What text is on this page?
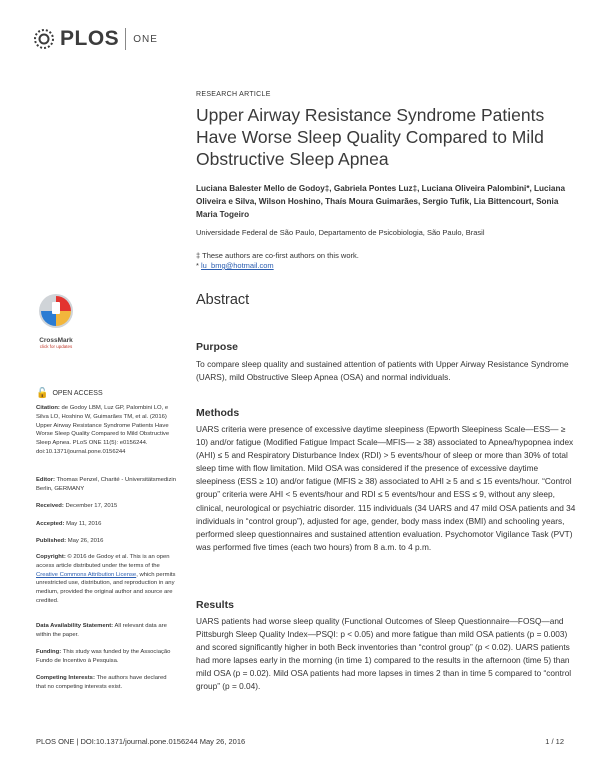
PLOS ONE
RESEARCH ARTICLE
Upper Airway Resistance Syndrome Patients Have Worse Sleep Quality Compared to Mild Obstructive Sleep Apnea
Luciana Balester Mello de Godoy‡, Gabriela Pontes Luz‡, Luciana Oliveira Palombini*, Luciana Oliveira e Silva, Wilson Hoshino, Thaís Moura Guimarães, Sergio Tufik, Lia Bittencourt, Sonia Maria Togeiro
Universidade Federal de São Paulo, Departamento de Psicobiologia, São Paulo, Brasil
‡ These authors are co-first authors on this work.
* lu_bmg@hotmail.com
Abstract
Purpose

To compare sleep quality and sustained attention of patients with Upper Airway Resistance Syndrome (UARS), mild Obstructive Sleep Apnea (OSA) and normal individuals.

Methods

UARS criteria were presence of excessive daytime sleepiness (Epworth Sleepiness Scale—ESS— ≥ 10) and/or fatigue (Modified Fatigue Impact Scale—MFIS— ≥ 38) associated to Apnea/hypopnea index (AHI) ≤ 5 and Respiratory Disturbance Index (RDI) > 5 events/hour of sleep or more than 30% of total sleep time with flow limitation. Mild OSA was considered if the presence of excessive daytime sleepiness (ESS ≥ 10) and/or fatigue (MFIS ≥ 38) associated to AHI ≥ 5 and ≤ 15 events/hour. “Control group” criteria were AHI < 5 events/hour and RDI ≤ 5 events/hour and ESS ≤ 9, without any sleep, clinical, neurological or psychiatric disorder. 115 individuals (34 UARS and 47 mild OSA patients and 34 individuals in “control group”), adjusted for age, gender, body mass index (BMI) and schooling years, performed sleep questionnaires and sustained attention evaluation. Psychomotor Vigilance Task (PVT) was performed five times (each two hours) from 8 a.m. to 4 p.m.

Results

UARS patients had worse sleep quality (Functional Outcomes of Sleep Questionnaire—FOSQ—and Pittsburgh Sleep Quality Index—PSQI: p < 0.05) and more fatigue than mild OSA patients (p = 0.003) and scored significantly higher in both Beck inventories than “control group” (p < 0.02). UARS patients had more lapses early in the morning (in time 1) compared to the results in the afternoon (time 5) than mild OSA (p = 0.02). Mild OSA patients had more lapses in times 2 than in time 5 compared to “control group” (p = 0.04).

CrossMark
click for updates
🔓 OPEN ACCESS
Citation: de Godoy LBM, Luz GP, Palombini LO, e Silva LO, Hoshino W, Guimarães TM, et al. (2016) Upper Airway Resistance Syndrome Patients Have Worse Sleep Quality Compared to Mild Obstructive Sleep Apnea. PLoS ONE 11(5): e0156244. doi:10.1371/journal.pone.0156244
Editor: Thomas Penzel, Charité - Universitätsmedizin Berlin, GERMANY
Received: December 17, 2015
Accepted: May 11, 2016
Published: May 26, 2016
Copyright: © 2016 de Godoy et al. This is an open access article distributed under the terms of the Creative Commons Attribution License, which permits unrestricted use, distribution, and reproduction in any medium, provided the original author and source are credited.
Data Availability Statement: All relevant data are within the paper.
Funding: This study was funded by the Associação Fundo de Incentivo à Pesquisa.
Competing Interests: The authors have declared that no competing interests exist.
PLOS ONE | DOI:10.1371/journal.pone.0156244 May 26, 2016	1 / 12
